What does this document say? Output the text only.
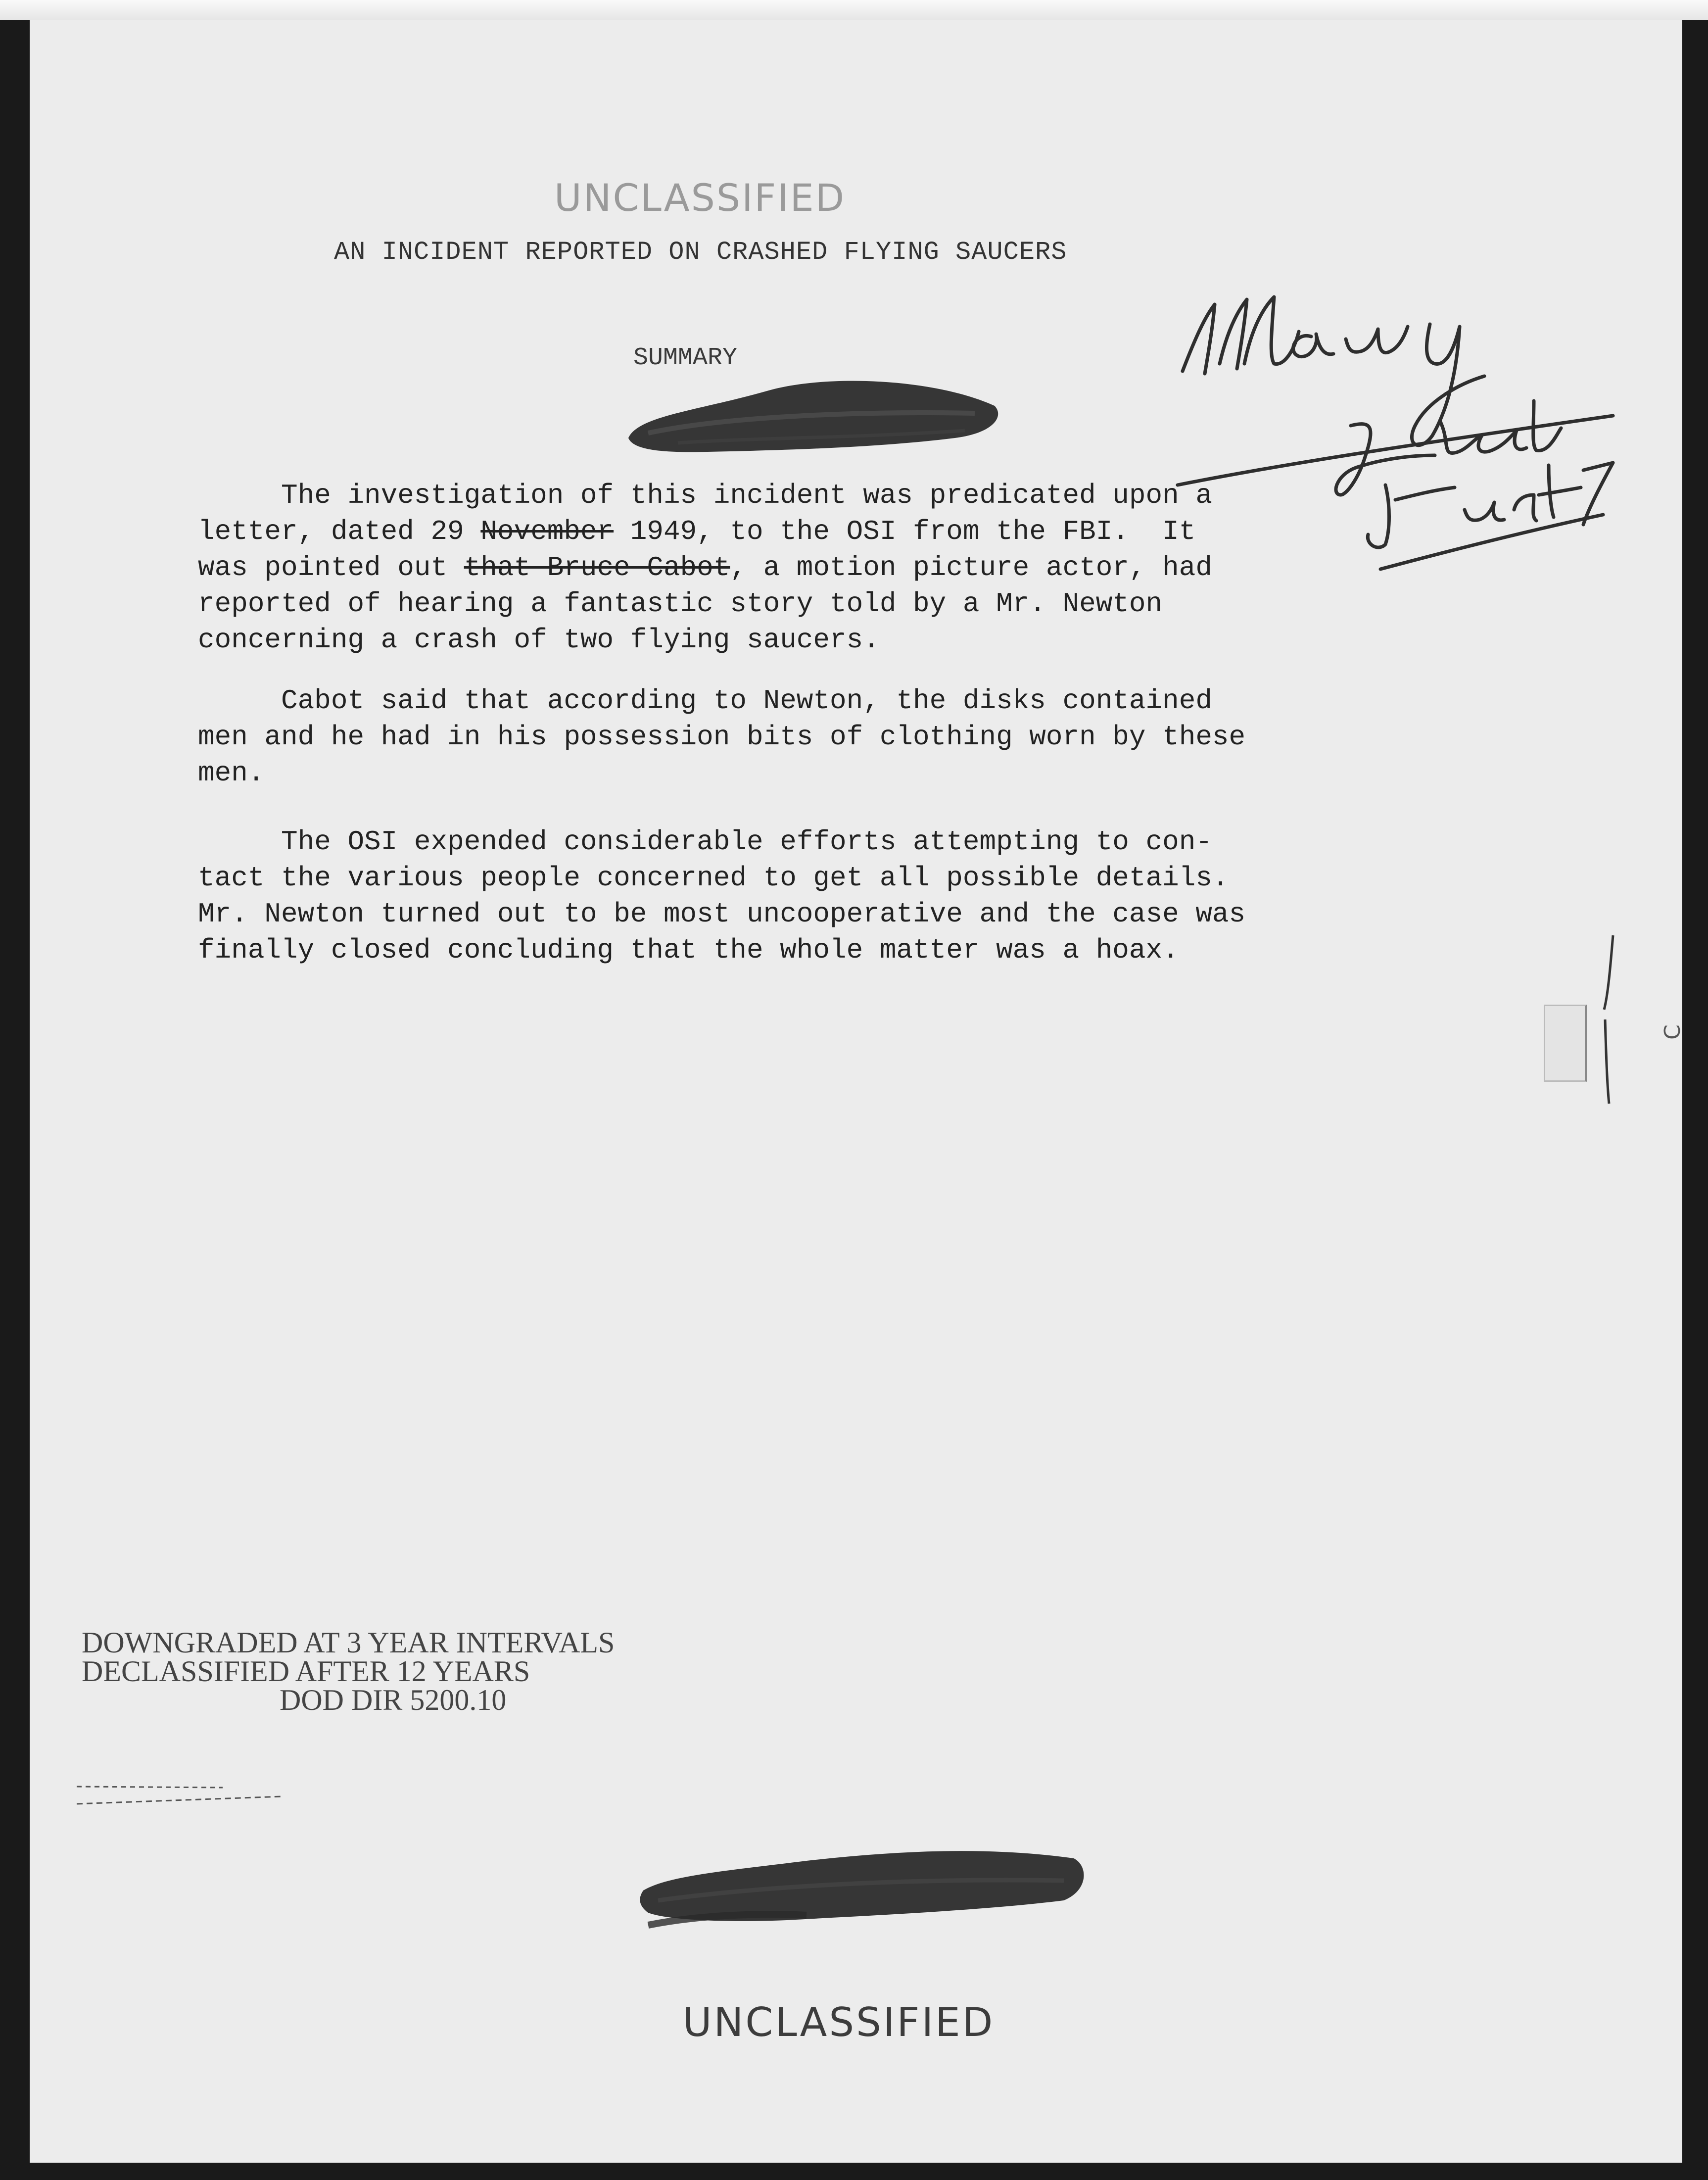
UNCLASSIFIED
AN INCIDENT REPORTED ON CRASHED FLYING SAUCERS
SUMMARY
The investigation of this incident was predicated upon a
letter, dated 29 November 1949, to the OSI from the FBI.  It
was pointed out that Bruce Cabot, a motion picture actor, had
reported of hearing a fantastic story told by a Mr. Newton
concerning a crash of two flying saucers.
Cabot said that according to Newton, the disks contained
men and he had in his possession bits of clothing worn by these
men.
The OSI expended considerable efforts attempting to con-
tact the various people concerned to get all possible details.
Mr. Newton turned out to be most uncooperative and the case was
finally closed concluding that the whole matter was a hoax.
C
DOWNGRADED AT 3 YEAR INTERVALS
DECLASSIFIED AFTER 12 YEARS
DOD DIR 5200.10
UNCLASSIFIED
